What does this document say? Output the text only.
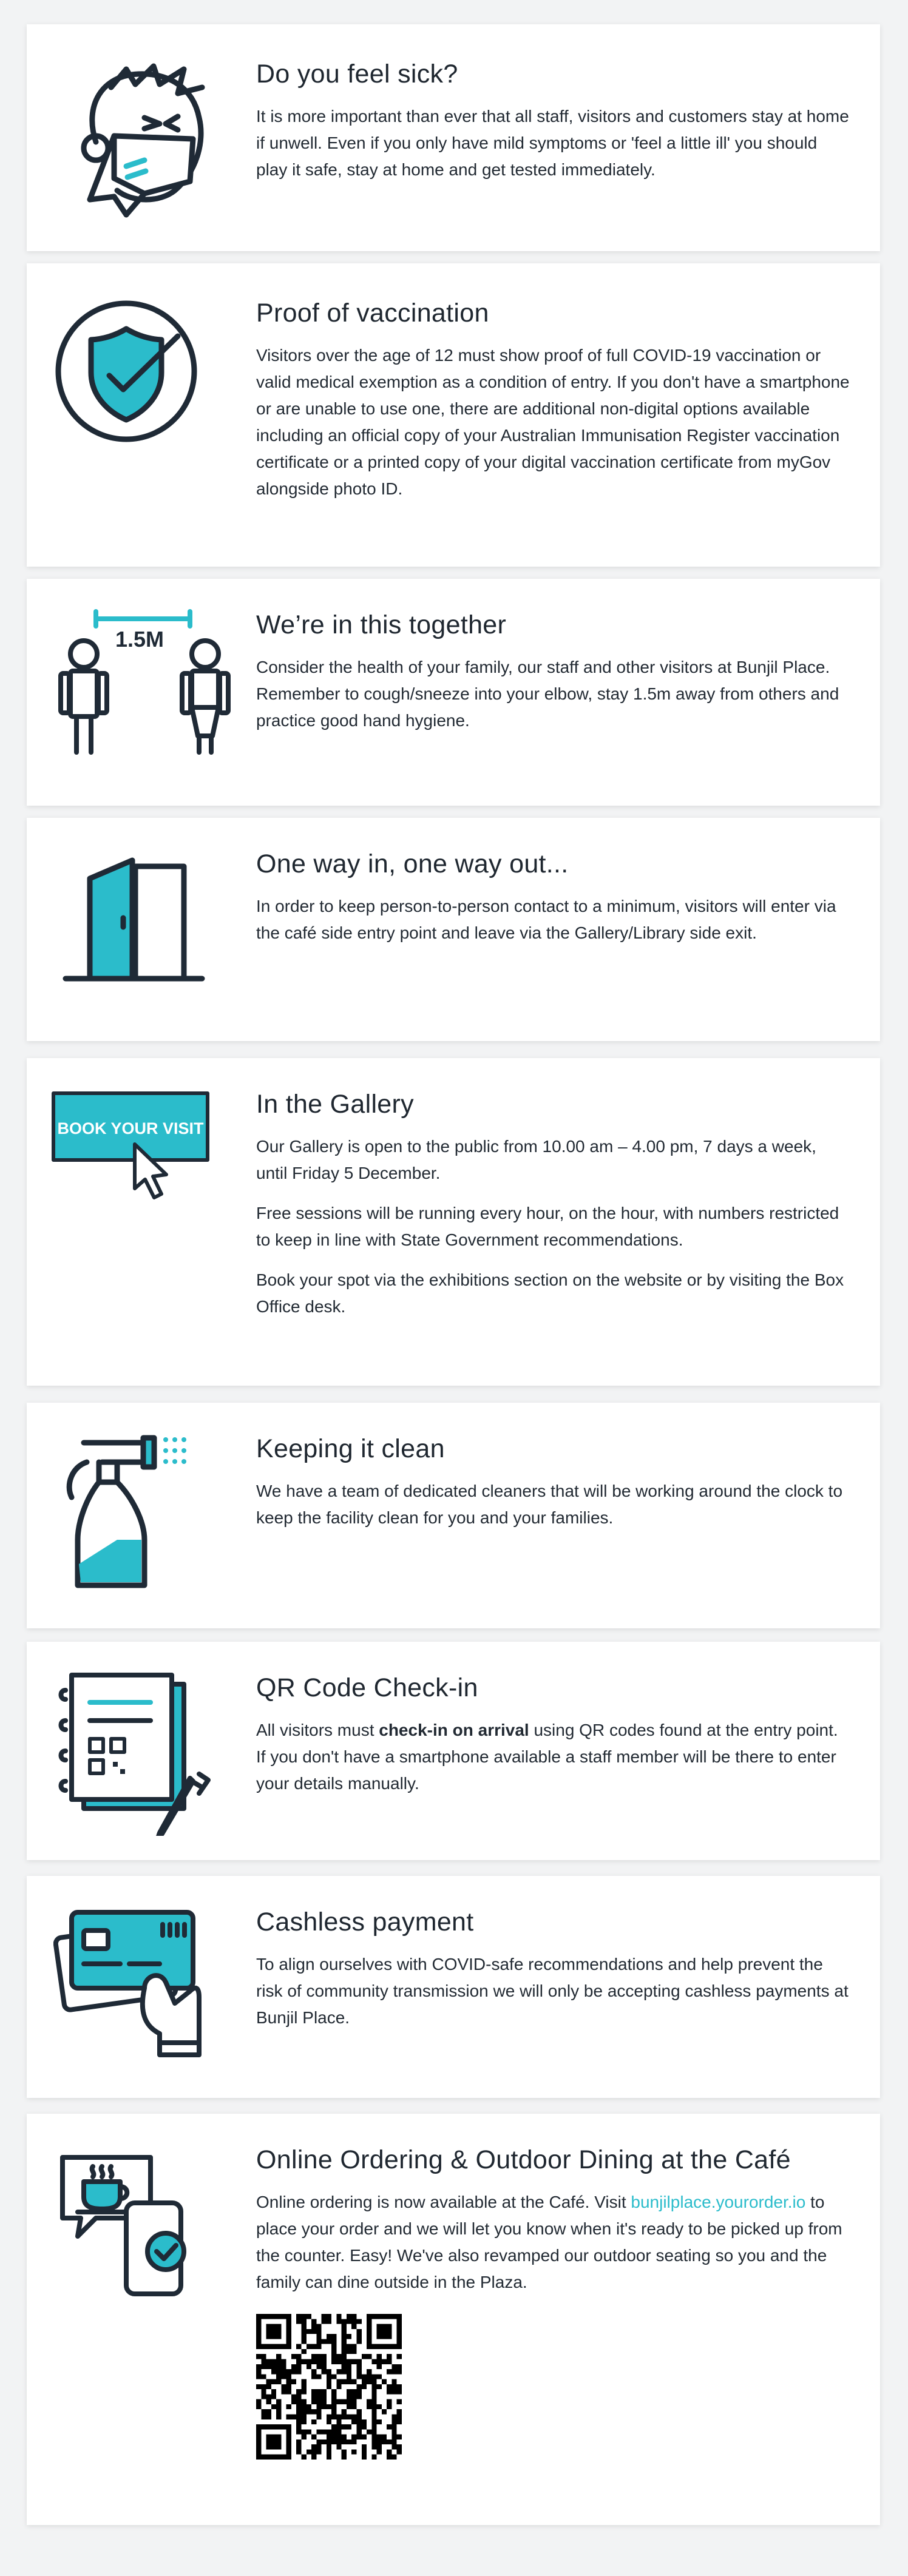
Do you feel sick?

It is more important than ever that all staff, visitors and customers stay at home if unwell. Even if you only have mild symptoms or 'feel a little ill' you should play it safe, stay at home and get tested immediately.

Proof of vaccination

Visitors over the age of 12 must show proof of full COVID-19 vaccination or valid medical exemption as a condition of entry. If you don't have a smartphone or are unable to use one, there are additional non-digital options available including an official copy of your Australian Immunisation Register vaccination certificate or a printed copy of your digital vaccination certificate from myGov alongside photo ID.

1.5M	We’re in this together

Consider the health of your family, our staff and other visitors at Bunjil Place. Remember to cough/sneeze into your elbow, stay 1.5m away from others and practice good hand hygiene.

One way in, one way out...

In order to keep person-to-person contact to a minimum, visitors will enter via the café side entry point and leave via the Gallery/Library side exit.

BOOK YOUR VISIT
In the Gallery

Our Gallery is open to the public from 10.00 am – 4.00 pm, 7 days a week, until Friday 5 December.

Free sessions will be running every hour, on the hour, with numbers restricted to keep in line with State Government recommendations.

Book your spot via the exhibitions section on the website or by visiting the Box Office desk.

Keeping it clean

We have a team of dedicated cleaners that will be working around the clock to keep the facility clean for you and your families.

QR Code Check-in

All visitors must check-in on arrival using QR codes found at the entry point. If you don't have a smartphone available a staff member will be there to enter your details manually.

Cashless payment

To align ourselves with COVID-safe recommendations and help prevent the risk of community transmission we will only be accepting cashless payments at Bunjil Place.

Online Ordering & Outdoor Dining at the Café

Online ordering is now available at the Café. Visit bunjilplace.yourorder.io to place your order and we will let you know when it's ready to be picked up from the counter. Easy! We've also revamped our outdoor seating so you and the family can dine outside in the Plaza.
